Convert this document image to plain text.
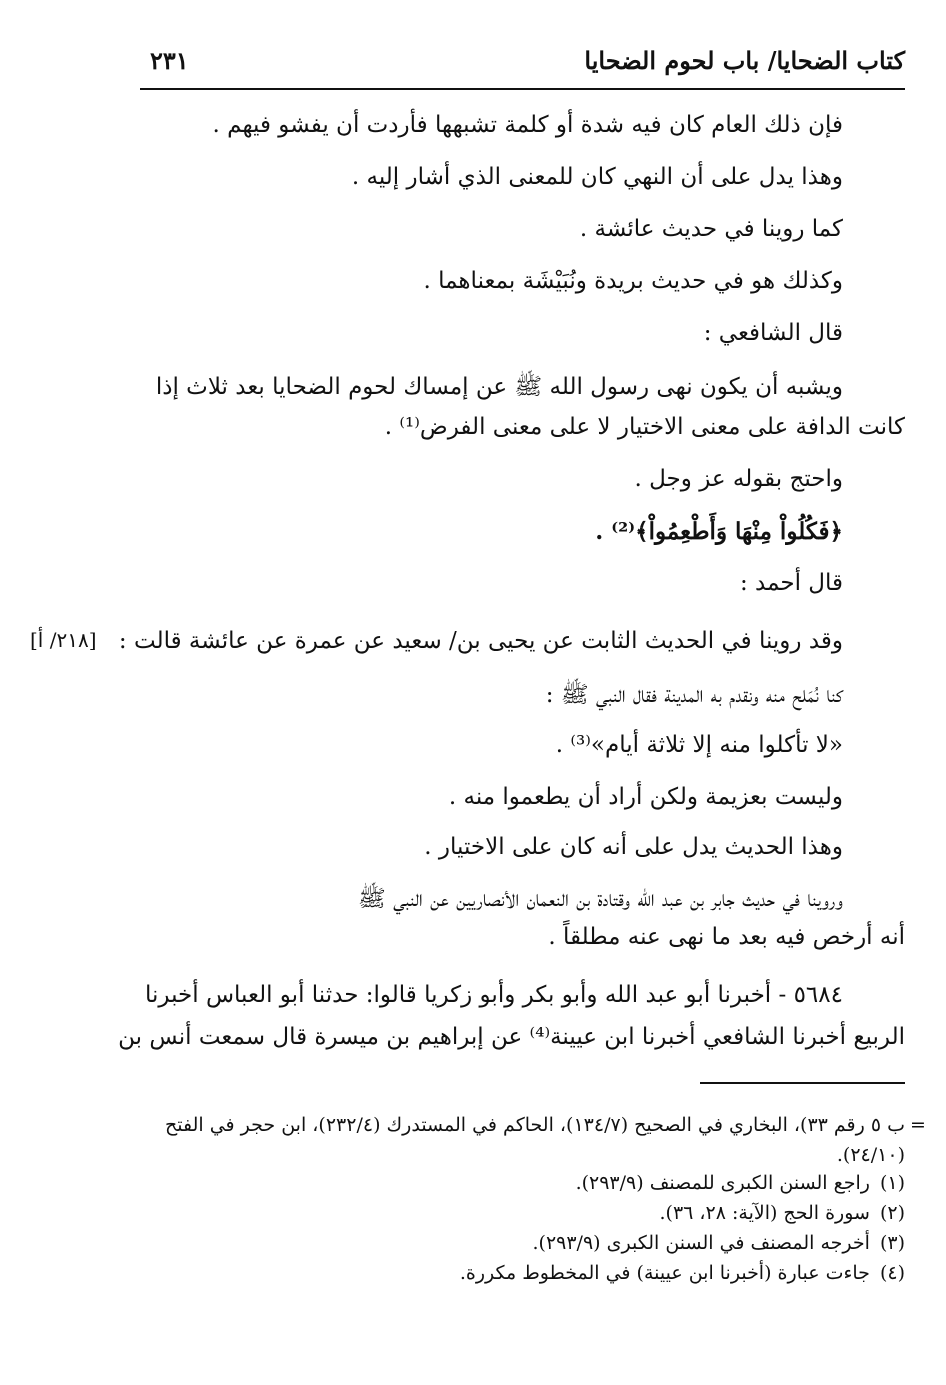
كتاب الضحايا/ باب لحوم الضحايا
٢٣١
فإن ذلك العام كان فيه شدة أو كلمة تشبهها فأردت أن يفشو فيهم .
وهذا يدل على أن النهي كان للمعنى الذي أشار إليه .
كما روينا في حديث عائشة .
وكذلك هو في حديث بريدة ونُبَيْشَة بمعناهما .
قال الشافعي :
ويشبه أن يكون نهى رسول الله ﷺ عن إمساك لحوم الضحايا بعد ثلاث إذا
كانت الدافة على معنى الاختيار لا على معنى الفرض⁽¹⁾ .
واحتج بقوله عز وجل .
﴿فَكُلُواْ مِنْهَا وَأَطْعِمُواْ﴾⁽²⁾ .
قال أحمد :
وقد روينا في الحديث الثابت عن يحيى بن/ سعيد عن عمرة عن عائشة قالت :
كنا نُمَلح منه ونقدم به المدينة فقال النبي ﷺ :
«لا تأكلوا منه إلا ثلاثة أيام»⁽³⁾ .
وليست بعزيمة ولكن أراد أن يطعموا منه .
وهذا الحديث يدل على أنه كان على الاختيار .
وروينا في حديث جابر بن عبد الله وقتادة بن النعمان الأنصاريين عن النبي ﷺ
أنه أرخص فيه بعد ما نهى عنه مطلقاً .
٥٦٨٤ - أخبرنا أبو عبد الله وأبو بكر وأبو زكريا قالوا: حدثنا أبو العباس أخبرنا
الربيع أخبرنا الشافعي أخبرنا ابن عيينة⁽⁴⁾ عن إبراهيم بن ميسرة قال سمعت أنس بن
[٢١٨/ أ]
=
ب ٥ رقم ٣٣)، البخاري في الصحيح (١٣٤/٧)، الحاكم في المستدرك (٢٣٢/٤)، ابن حجر في الفتح (٢٤/١٠).
(١)راجع السنن الكبرى للمصنف (٢٩٣/٩).
(٢)سورة الحج (الآية: ٢٨، ٣٦).
(٣)أخرجه المصنف في السنن الكبرى (٢٩٣/٩).
(٤)جاءت عبارة (أخبرنا ابن عيينة) في المخطوط مكررة.
